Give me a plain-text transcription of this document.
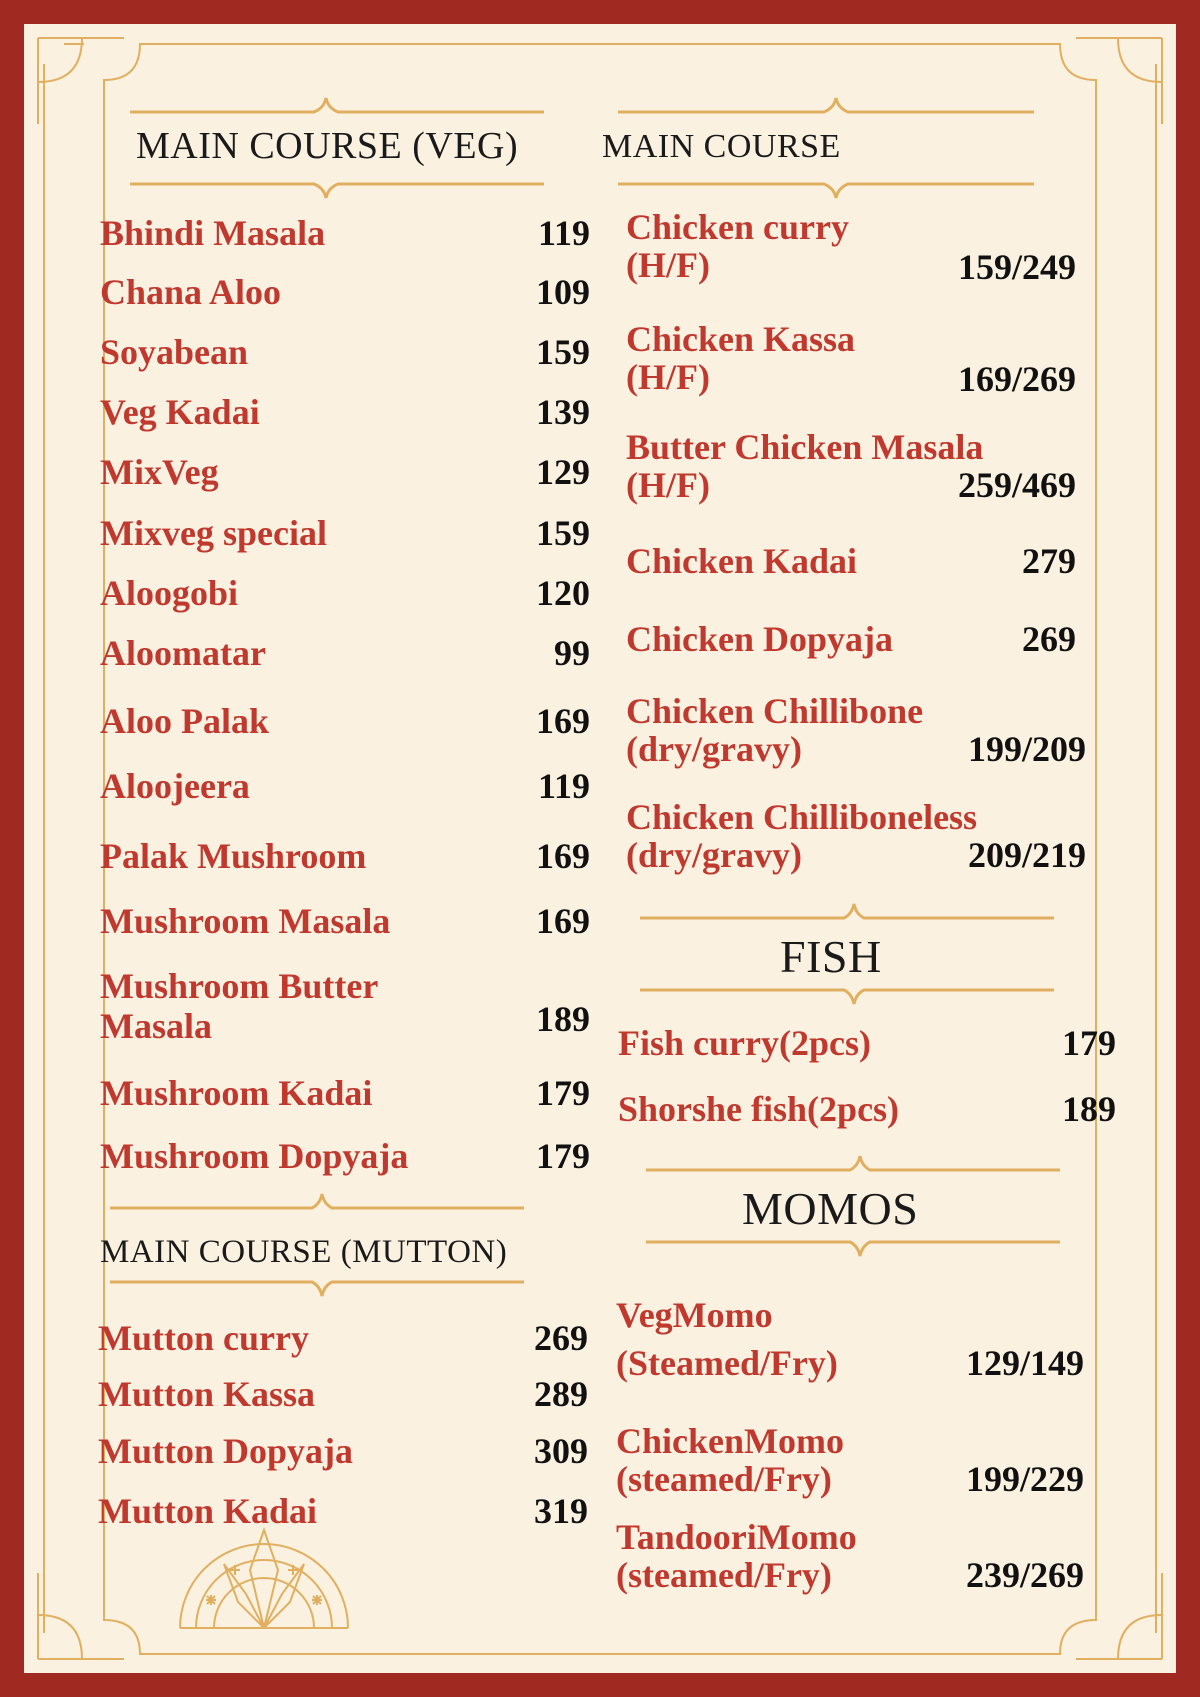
MAIN COURSE (VEG) MAIN COURSE
MAIN COURSE (MUTTON)
FISH
MOMOS
Bhindi Masala	119
Chana Aloo	109
Soyabean	159
Veg Kadai	139
MixVeg	129
Mixveg special	159
Aloogobi	120
Aloomatar	99
Aloo Palak	169
Aloojeera	119
Palak Mushroom	169
Mushroom Masala	169
Mushroom Butter
Masala	189
Mushroom Kadai	179
Mushroom Dopyaja	179
Mutton curry	269
Mutton Kassa	289
Mutton Dopyaja	309
Mutton Kadai	319
Chicken curry
(H/F)	159/249
Chicken Kassa
(H/F)	169/269
Butter Chicken Masala
(H/F)	259/469
Chicken Kadai	279
Chicken Dopyaja	269
Chicken Chillibone
(dry/gravy)	199/209
Chicken Chilliboneless
(dry/gravy)	209/219
Fish curry(2pcs)	179
Shorshe fish(2pcs)	189
VegMomo
(Steamed/Fry)	129/149
ChickenMomo
(steamed/Fry)	199/229
TandooriMomo
(steamed/Fry)	239/269
